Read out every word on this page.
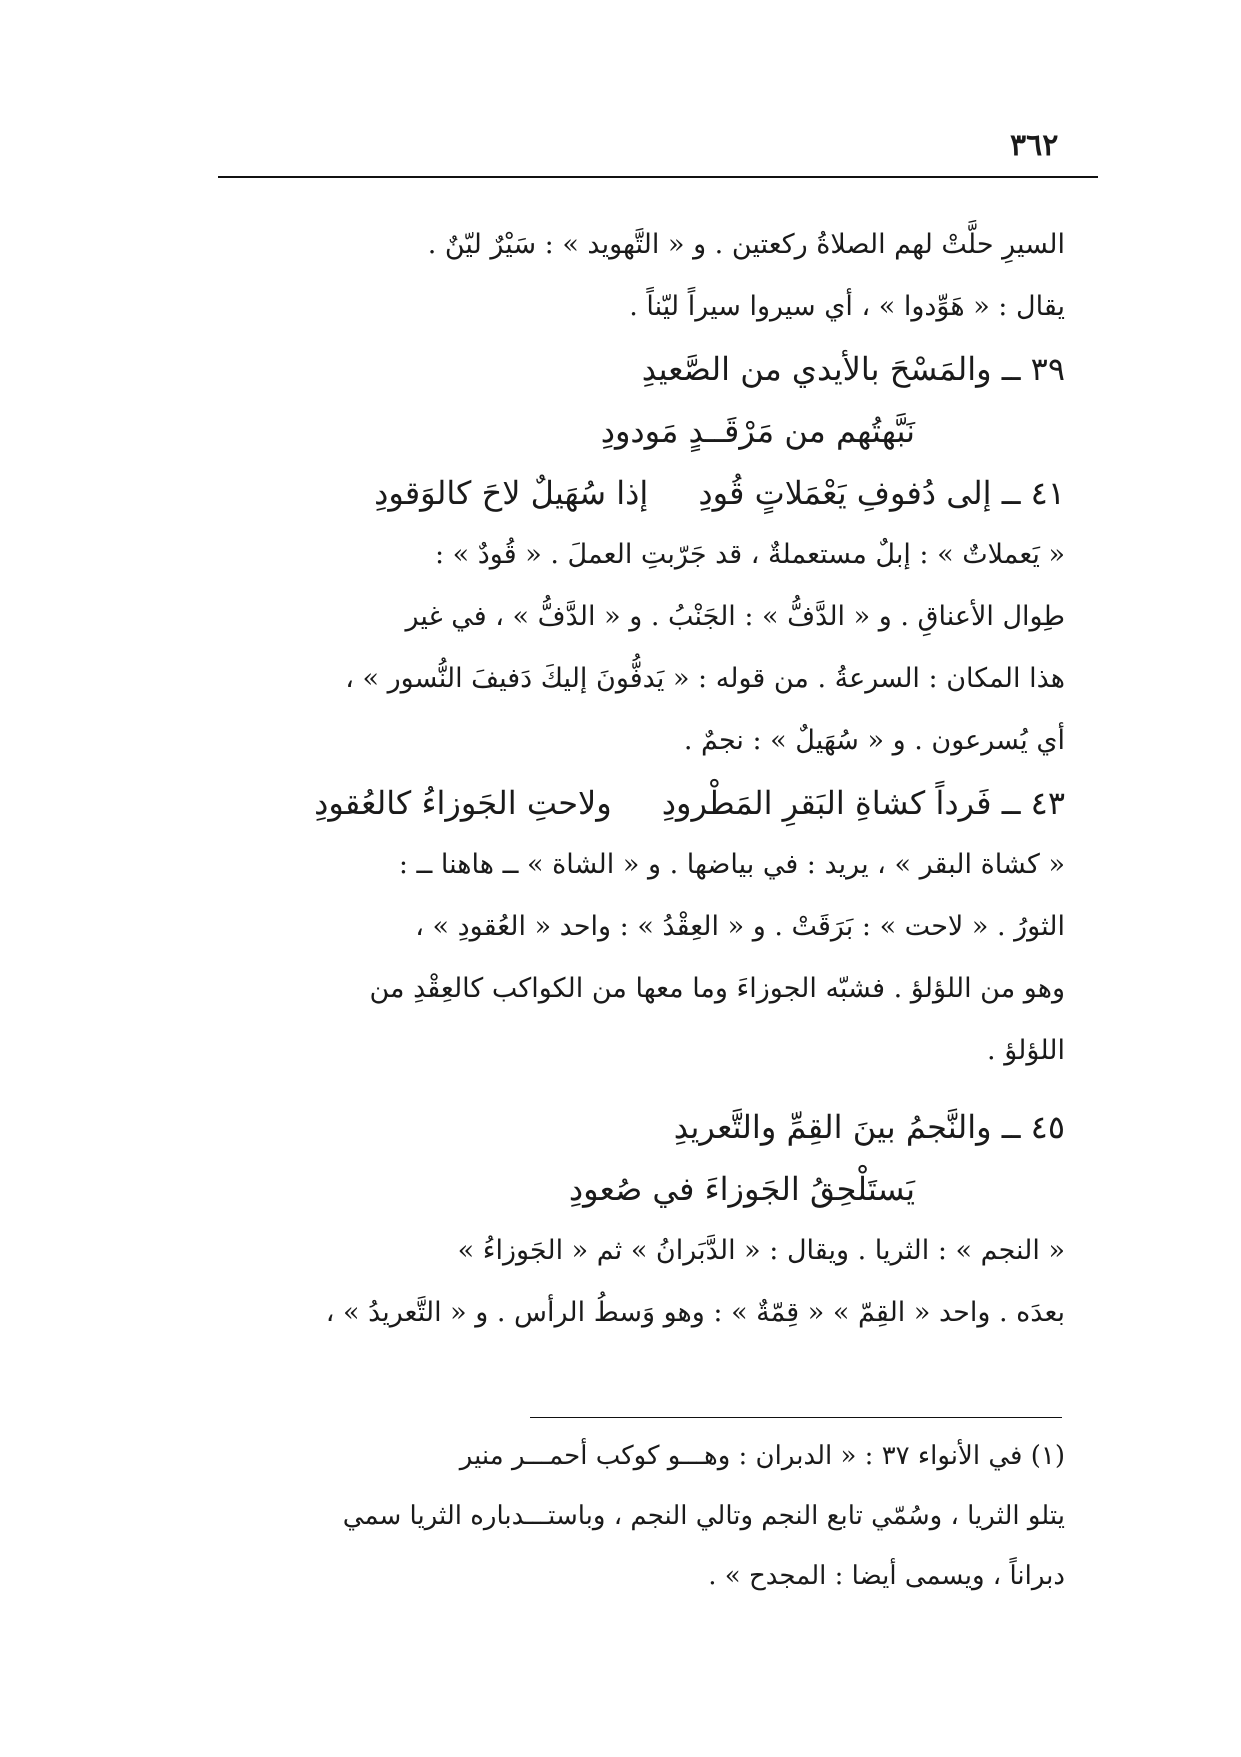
٣٦٢
السيرِ حلَّتْ لهم الصلاةُ ركعتين . و « التَّهويد » : سَيْرٌ ليّنٌ .
يقال : « هَوِّدوا » ، أي سيروا سيراً ليّناً .
٣٩ ــ والمَسْحَ بالأيدي من الصَّعيدِ
نَبَّهتُهم من مَرْقَــدٍ مَودودِ
٤١ ــ إلى دُفوفِ يَعْمَلاتٍ قُودِإذا سُهَيلٌ لاحَ كالوَقودِ
« يَعملاتٌ » : إبلٌ مستعملةٌ ، قد جَرّبتِ العملَ . « قُودٌ » :
طِوال الأعناقِ . و « الدَّفُّ » : الجَنْبُ . و « الدَّفُّ » ، في غير
هذا المكان : السرعةُ . من قوله : « يَدفُّونَ إليكَ دَفيفَ النُّسور » ،
أي يُسرعون . و « سُهَيلٌ » : نجمٌ .
٤٣ ــ فَرداً كشاةِ البَقرِ المَطْرودِولاحتِ الجَوزاءُ كالعُقودِ
« كشاة البقر » ، يريد : في بياضها . و « الشاة » ــ هاهنا ــ :
الثورُ . « لاحت » : بَرَقَتْ . و « العِقْدُ » : واحد « العُقودِ » ،
وهو من اللؤلؤ . فشبّه الجوزاءَ وما معها من الكواكب كالعِقْدِ من
اللؤلؤ .
٤٥ ــ والنَّجمُ بينَ القِمِّ والتَّعريدِ
يَستَلْحِقُ الجَوزاءَ في صُعودِ
« النجم » : الثريا . ويقال : « الدَّبَرانُ » ثم « الجَوزاءُ »
بعدَه . واحد « القِمّ » « قِمّةٌ » : وهو وَسطُ الرأس . و « التَّعريدُ » ،
(١) في الأنواء ٣٧ : « الدبران : وهـــو كوكب أحمـــر منير
يتلو الثريا ، وسُمّي تابع النجم وتالي النجم ، وباستـــدباره الثريا سمي
دبراناً ، ويسمى أيضا : المجدح » .
